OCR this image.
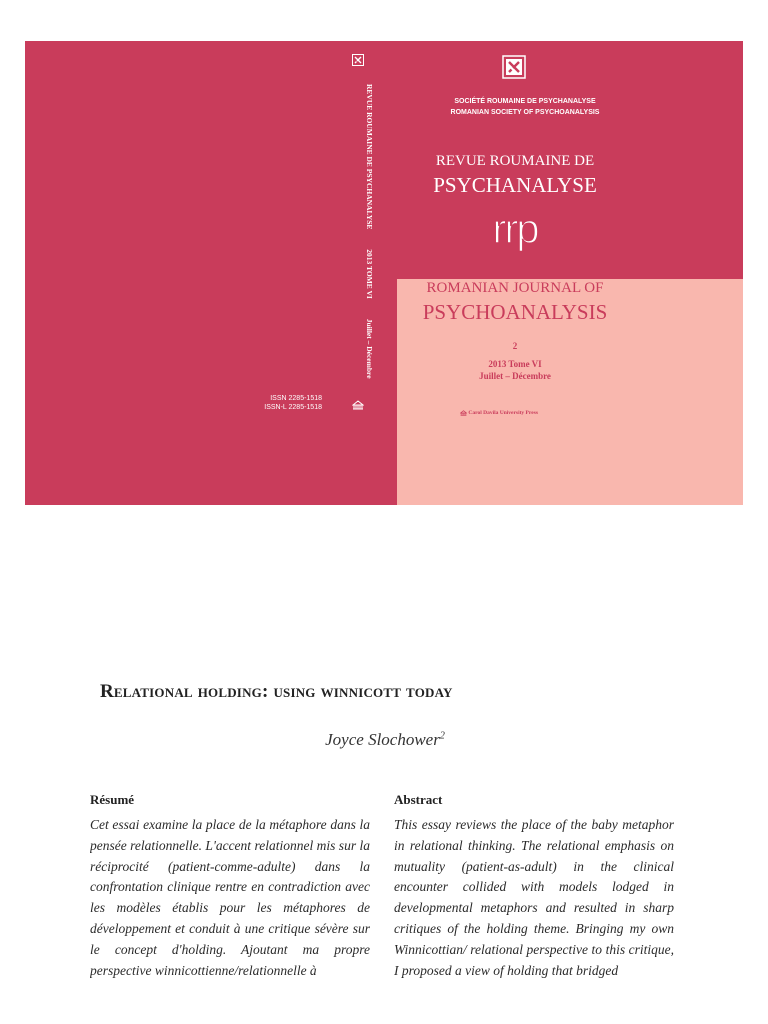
REVUE ROUMAINE DE PSYCHANALYSE 2013 TOME VI Juillet – Décembre
ISSN 2285-1518
ISSN-L 2285-1518
SOCIÉTÉ ROUMAINE DE PSYCHANALYSE
ROMANIAN SOCIETY OF PSYCHOANALYSIS
REVUE ROUMAINE DE
PSYCHANALYSE
rrp
ROMANIAN JOURNAL OF
PSYCHOANALYSIS
2
2013 Tome VI
Juillet – Décembre
Carol Davila University Press
Relational holding: using winnicott today
Joyce Slochower$^2$
Résumé
Cet essai examine la place de la métaphore dans la pensée relationnelle. L'accent relationnel mis sur la réciprocité (patient-comme-adulte) dans la confrontation clinique rentre en contradiction avec les modèles établis pour les métaphores de développement et conduit à une critique sévère sur le concept d'holding. Ajoutant ma propre perspective winnicottienne/relationnelle à
Abstract
This essay reviews the place of the baby metaphor in relational thinking. The relational emphasis on mutuality (patient-as-adult) in the clinical encounter collided with models lodged in developmental metaphors and resulted in sharp critiques of the holding theme. Bringing my own Winnicottian/ relational perspective to this critique, I proposed a view of holding that bridged
